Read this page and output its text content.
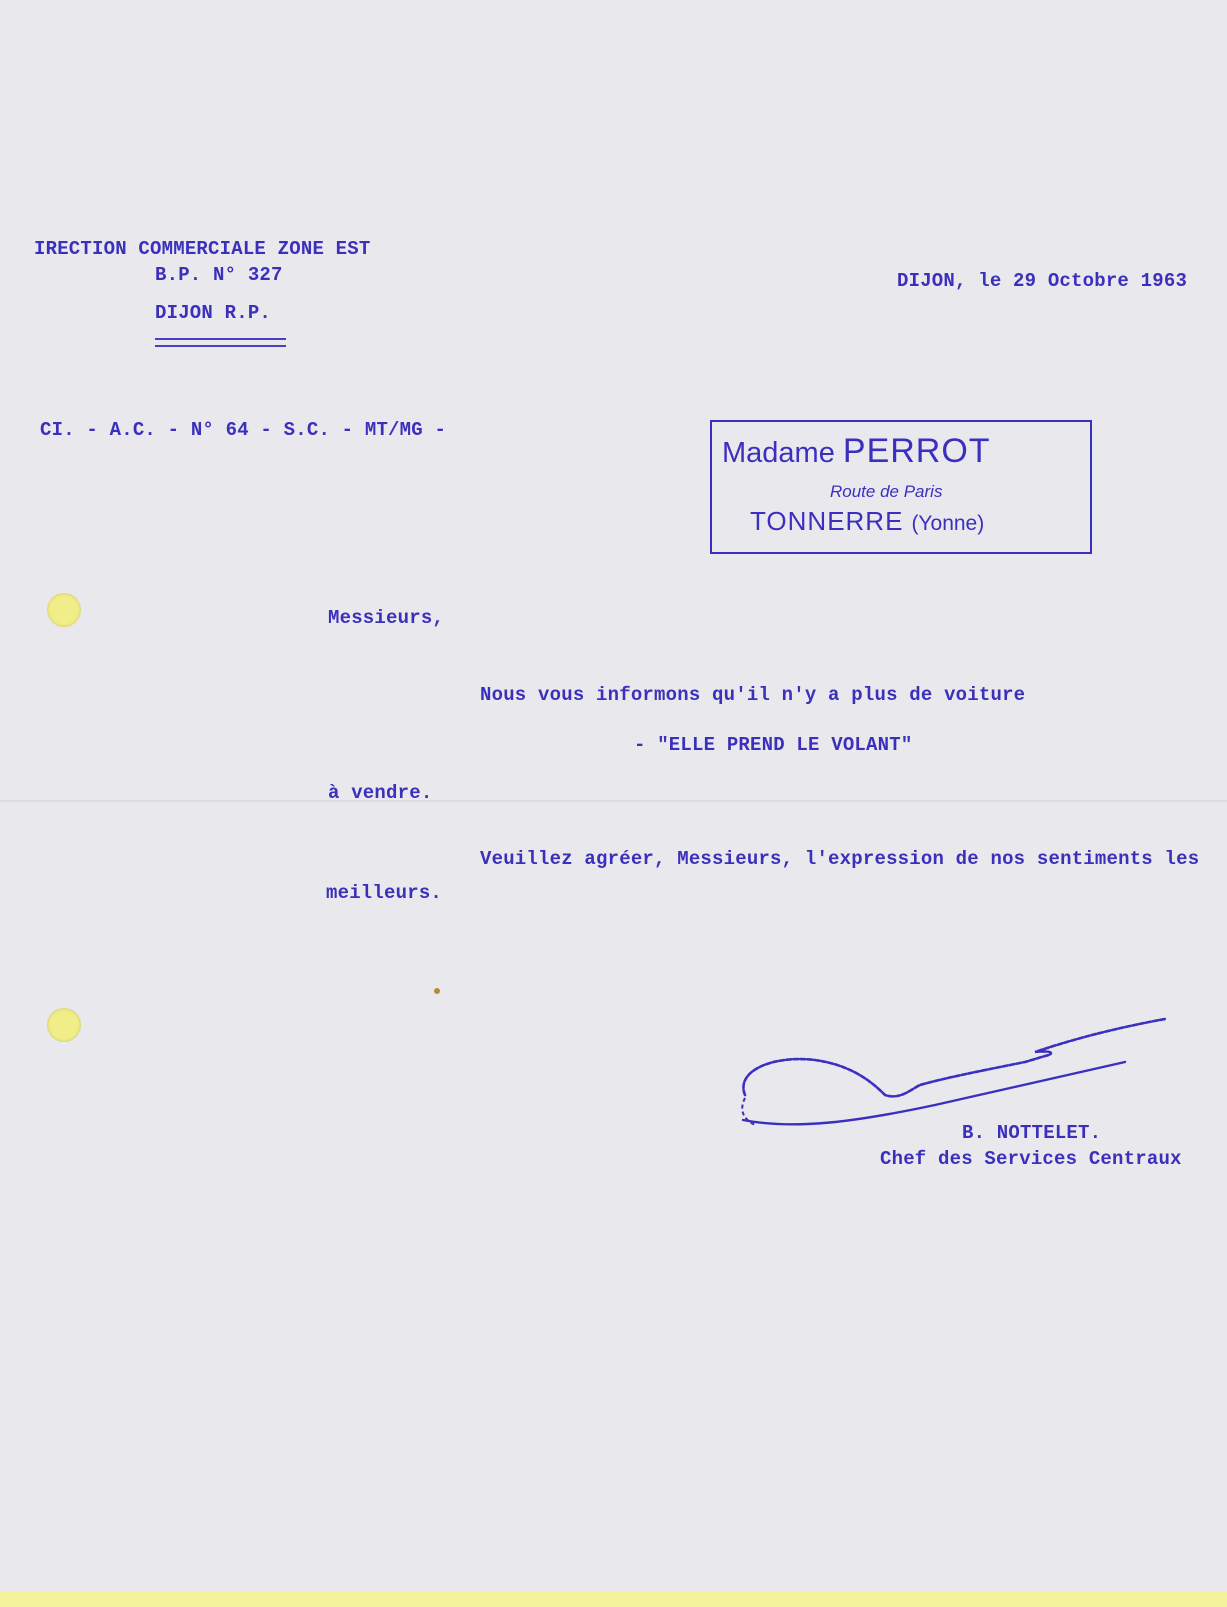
IRECTION COMMERCIALE ZONE EST
B.P. N° 327
DIJON R.P.
DIJON, le 29 Octobre 1963
CI. - A.C. - N° 64 - S.C. - MT/MG -
Madame PERROT
Route de Paris
TONNERRE (Yonne)
Messieurs,
Nous vous informons qu'il n'y a plus de voiture
- "ELLE PREND LE VOLANT"
à vendre.
Veuillez agréer, Messieurs, l'expression de nos sentiments les
meilleurs.
B. NOTTELET.
Chef des Services Centraux
